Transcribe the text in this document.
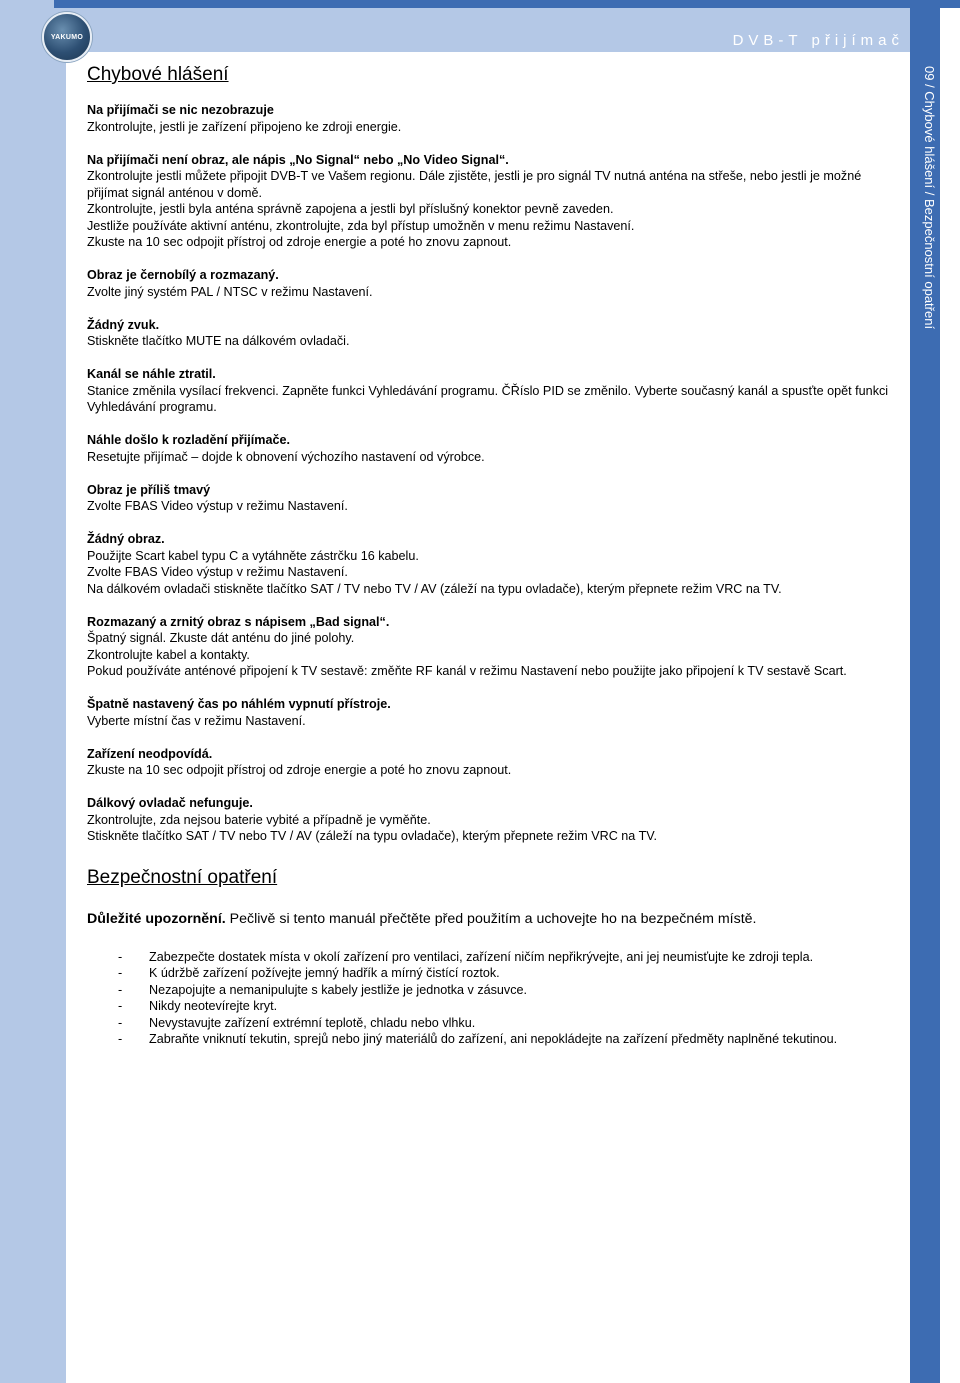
YAKUMO	DVB-T přijímač
09 / Chybové hlášení / Bezpečnostní opatření
Chybové hlášení

Na přijímači se nic nezobrazuje

Zkontrolujte, jestli je zařízení připojeno ke zdroji energie.

Na přijímači není obraz, ale nápis „No Signal“ nebo „No Video Signal“.

Zkontrolujte jestli můžete připojit DVB-T ve Vašem regionu. Dále zjistěte, jestli je pro signál TV nutná anténa na střeše, nebo jestli je možné přijímat signál anténou v domě.

Zkontrolujte, jestli byla anténa správně zapojena a jestli byl příslušný konektor pevně zaveden.

Jestliže používáte aktivní anténu, zkontrolujte, zda byl přístup umožněn v menu režimu Nastavení.

Zkuste na 10 sec odpojit přístroj od zdroje energie a poté ho znovu zapnout.

Obraz je černobílý a rozmazaný.

Zvolte jiný systém PAL / NTSC v režimu Nastavení.

Žádný zvuk.

Stiskněte tlačítko MUTE na dálkovém ovladači.

Kanál se náhle ztratil.

Stanice změnila vysílací frekvenci. Zapněte funkci Vyhledávání programu. ČŘíslo PID se změnilo. Vyberte současný kanál a spusťte opět funkci Vyhledávání programu.

Náhle došlo k rozladění přijímače.

Resetujte přijímač – dojde k obnovení výchozího nastavení od výrobce.

Obraz je příliš tmavý

Zvolte FBAS Video výstup v režimu Nastavení.

Žádný obraz.

Použijte Scart kabel typu C a vytáhněte zástrčku 16 kabelu.

Zvolte FBAS Video výstup v režimu Nastavení.

Na dálkovém ovladači stiskněte tlačítko SAT / TV nebo TV / AV (záleží na typu ovladače), kterým přepnete režim VRC na TV.

Rozmazaný a zrnitý obraz s nápisem „Bad signal“.

Špatný signál. Zkuste dát anténu do jiné polohy.

Zkontrolujte kabel a kontakty.

Pokud používáte anténové připojení k TV sestavě: změňte RF kanál v režimu Nastavení nebo použijte jako připojení k TV sestavě Scart.

Špatně nastavený čas po náhlém vypnutí přístroje.

Vyberte místní čas v režimu Nastavení.

Zařízení neodpovídá.

Zkuste na 10 sec odpojit přístroj od zdroje energie a poté ho znovu zapnout.

Dálkový ovladač nefunguje.

Zkontrolujte, zda nejsou baterie vybité a případně je vyměňte.

Stiskněte tlačítko SAT / TV nebo TV / AV (záleží na typu ovladače), kterým přepnete režim VRC na TV.

Bezpečnostní opatření

Důležité upozornění. Pečlivě si tento manuál přečtěte před použitím a uchovejte ho na bezpečném místě.

- Zabezpečte dostatek místa v okolí zařízení pro ventilaci, zařízení ničím nepřikrývejte, ani jej neumisťujte ke zdroji tepla.
- K údržbě zařízení požívejte jemný hadřík a mírný čistící roztok.
- Nezapojujte a nemanipulujte s kabely jestliže je jednotka v zásuvce.
- Nikdy neotevírejte kryt.
- Nevystavujte zařízení extrémní teplotě, chladu nebo vlhku.
- Zabraňte vniknutí tekutin, sprejů nebo jiný materiálů do zařízení, ani nepokládejte na zařízení předměty naplněné tekutinou.
